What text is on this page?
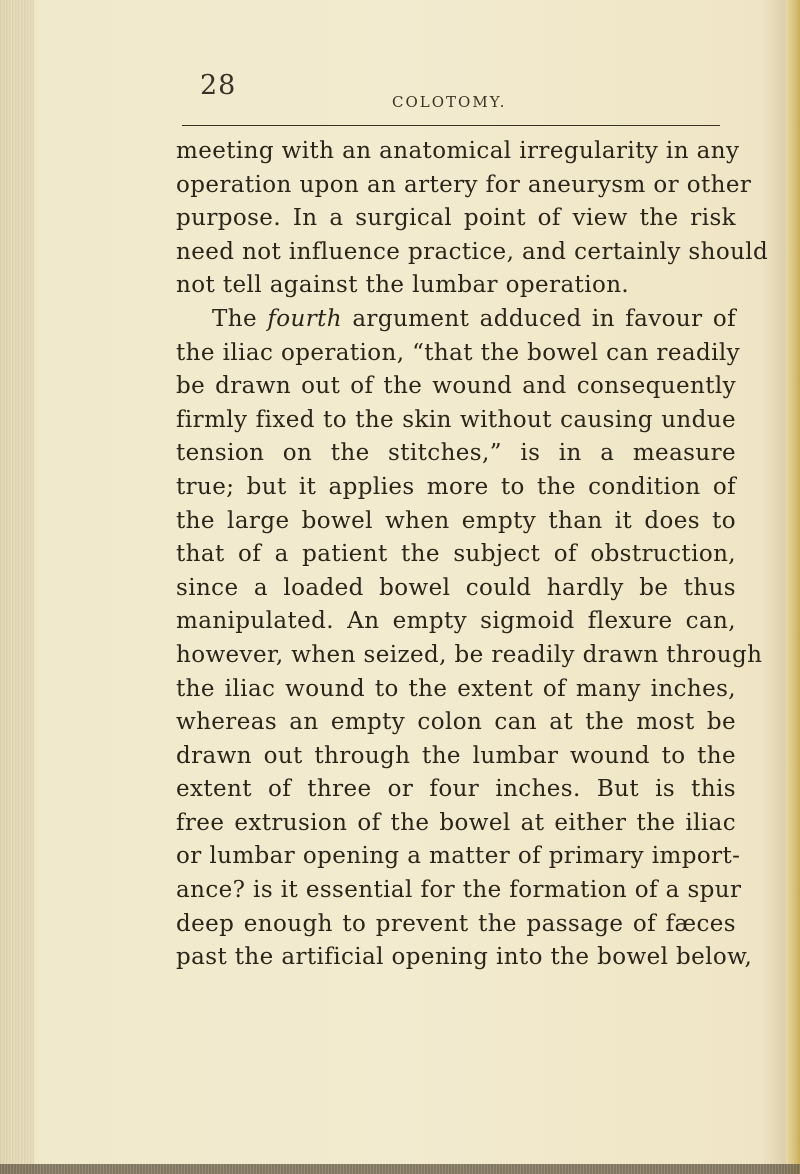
28
COLOTOMY.
meeting with an anatomical irregularity in any
operation upon an artery for aneurysm or other
purpose. In a surgical point of view the risk
need not influence practice, and certainly should
not tell against the lumbar operation.
The fourth argument adduced in favour of
the iliac operation, “that the bowel can readily
be drawn out of the wound and consequently
firmly fixed to the skin without causing undue
tension on the stitches,” is in a measure
true; but it applies more to the condition of
the large bowel when empty than it does to
that of a patient the subject of obstruction,
since a loaded bowel could hardly be thus
manipulated. An empty sigmoid flexure can,
however, when seized, be readily drawn through
the iliac wound to the extent of many inches,
whereas an empty colon can at the most be
drawn out through the lumbar wound to the
extent of three or four inches. But is this
free extrusion of the bowel at either the iliac
or lumbar opening a matter of primary import-
ance? is it essential for the formation of a spur
deep enough to prevent the passage of fæces
past the artificial opening into the bowel below,
